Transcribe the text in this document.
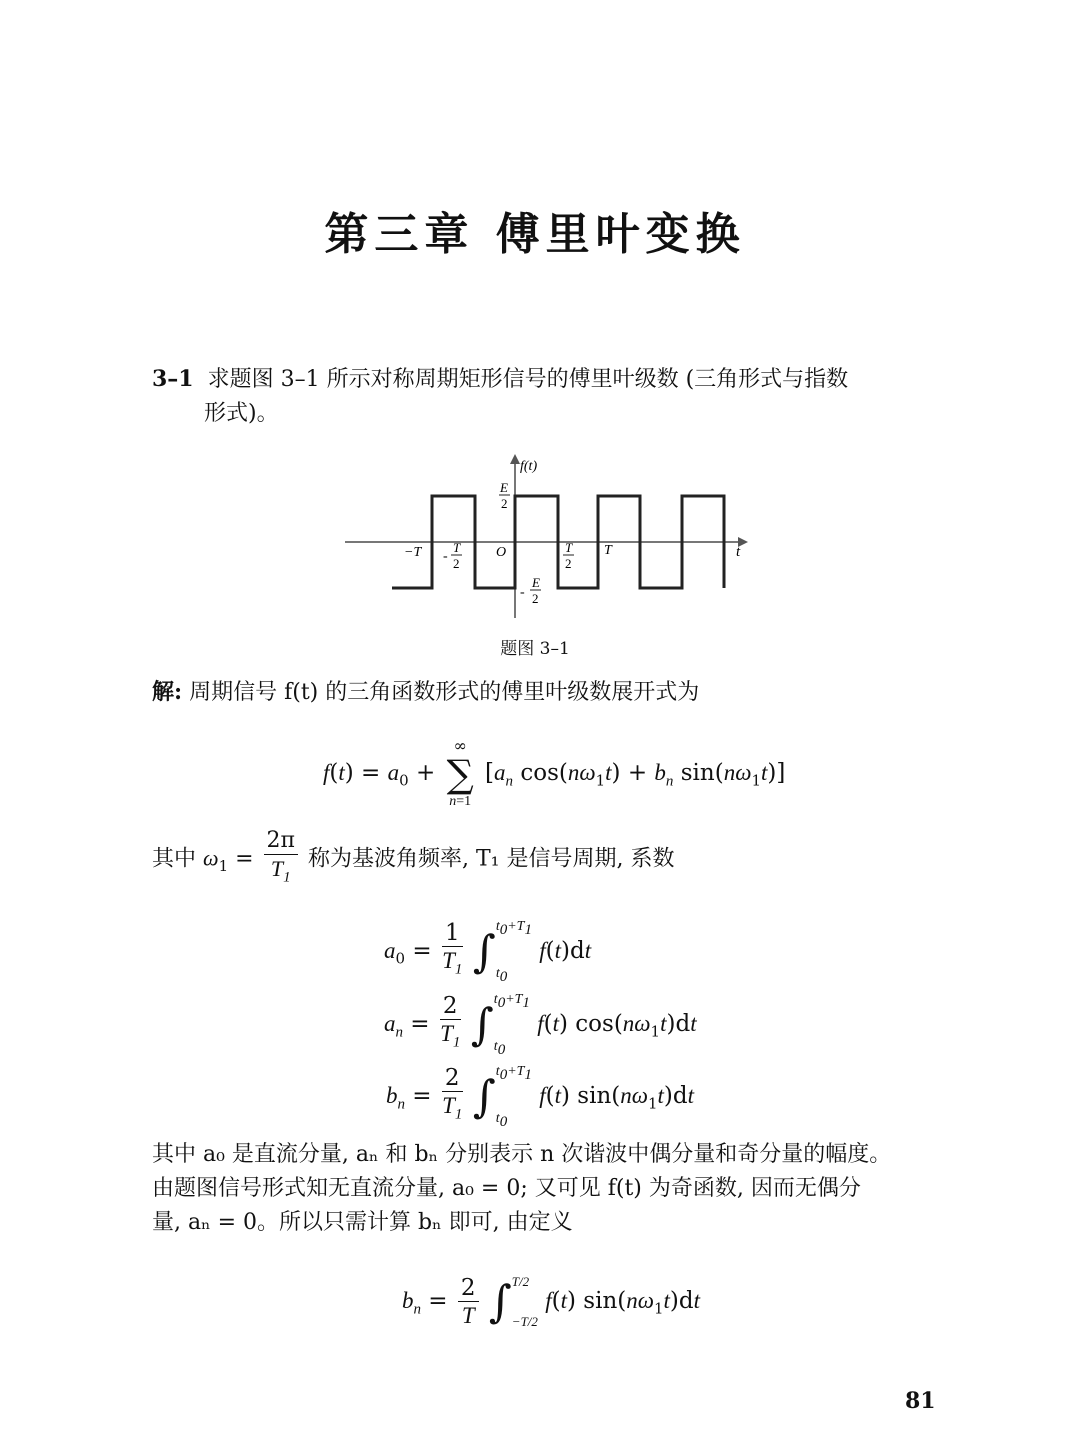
第三章 傅里叶变换
3–1 求题图 3–1 所示对称周期矩形信号的傅里叶级数 (三角形式与指数
形式)。
f(t)
E
2
−T -
T
2
O	T
2
T	t
-
E
2
题图 3–1
解: 周期信号 f(t) 的三角函数形式的傅里叶级数展开式为
$f(t) = a_0$ +
∞
∑
n=1
[$a_n$ $\cos(n\omega_1t) + b_n$ $\sin(n\omega_1t)$]
其中 $\omega_1 = \frac{2\pi}{T_1}$ 称为基波角频率, T₁ 是信号周期, 系数
$a_0 = \frac{1}{T_1}$ ∫ $t_0+T_1$
$t_0$
f(t)dt
$a_n = \frac{2}{T_1}$ ∫ $t_0+T_1$
$t_0$
f(t) $\cos(n\omega_1t)dt$
$b_n = \frac{2}{T_1}$ ∫ $t_0+T_1$
$t_0$
f(t) $\sin(n\omega_1t)dt$
其中 a₀ 是直流分量, aₙ 和 bₙ 分别表示 n 次谐波中偶分量和奇分量的幅度。
由题图信号形式知无直流分量, a₀ = 0; 又可见 f(t) 为奇函数, 因而无偶分
量, aₙ = 0。所以只需计算 bₙ 即可, 由定义
$b_n = \frac{2}{T}$ ∫ T/2
−T/2
f(t) $\sin(n\omega_1t)dt$
81
